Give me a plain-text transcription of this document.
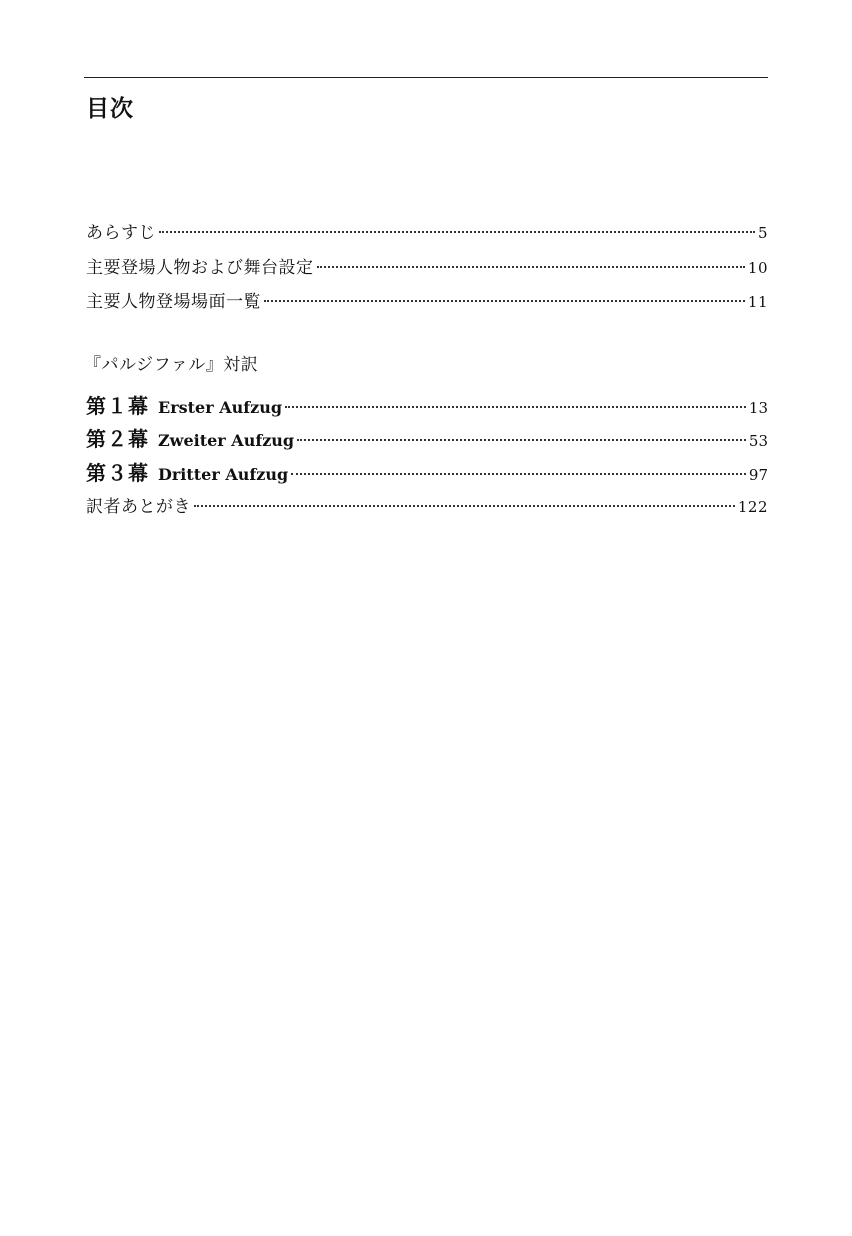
目次
あらすじ	5
主要登場人物および舞台設定	10
主要人物登場場面一覧	11
『パルジファル』対訳
第１幕 Erster Aufzug	13
第２幕 Zweiter Aufzug	53
第３幕 Dritter Aufzug	97
訳者あとがき	122
